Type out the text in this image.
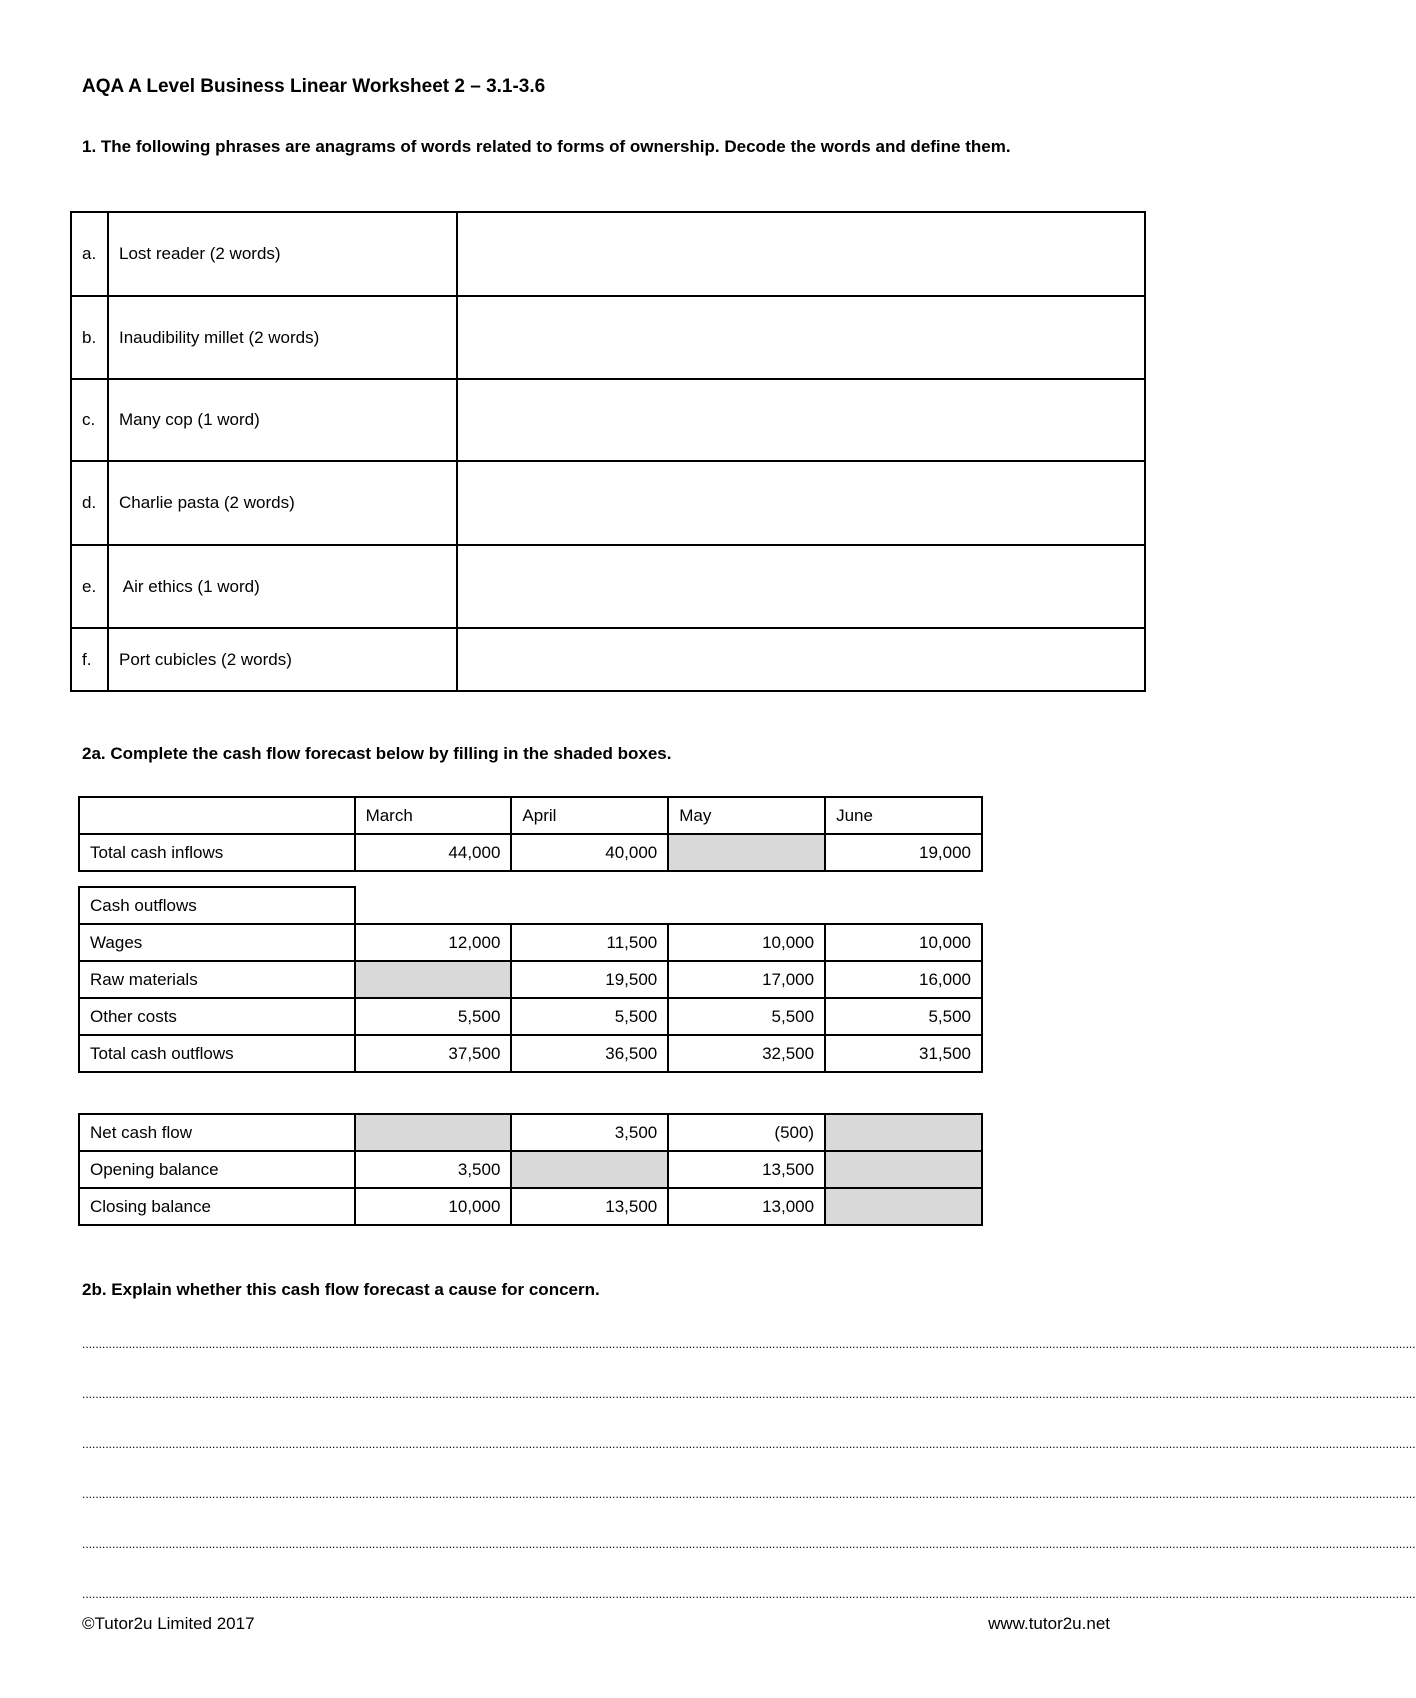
AQA A Level Business Linear Worksheet 2 – 3.1-3.6
1. The following phrases are anagrams of words related to forms of ownership. Decode the words and define them.
a.	Lost reader (2 words)	
b.	Inaudibility millet (2 words)	
c.	Many cop (1 word)	
d.	Charlie pasta (2 words)	
e.	Air ethics (1 word)	
f.	Port cubicles (2 words)	
2a. Complete the cash flow forecast below by filling in the shaded boxes.
	March	April	May	June
Total cash inflows	44,000	40,000		19,000
Cash outflows				
Wages	12,000	11,500	10,000	10,000
Raw materials		19,500	17,000	16,000
Other costs	5,500	5,500	5,500	5,500
Total cash outflows	37,500	36,500	32,500	31,500
Net cash flow		3,500	(500)	
Opening balance	3,500		13,500	
Closing balance	10,000	13,500	13,000	
2b. Explain whether this cash flow forecast a cause for concern.
................................................................................................................................................................................................................................................................................................................................................................................................................
................................................................................................................................................................................................................................................................................................................................................................................................................
................................................................................................................................................................................................................................................................................................................................................................................................................
................................................................................................................................................................................................................................................................................................................................................................................................................
................................................................................................................................................................................................................................................................................................................................................................................................................
................................................................................................................................................................................................................................................................................................................................................................................................................
©Tutor2u Limited 2017	www.tutor2u.net
